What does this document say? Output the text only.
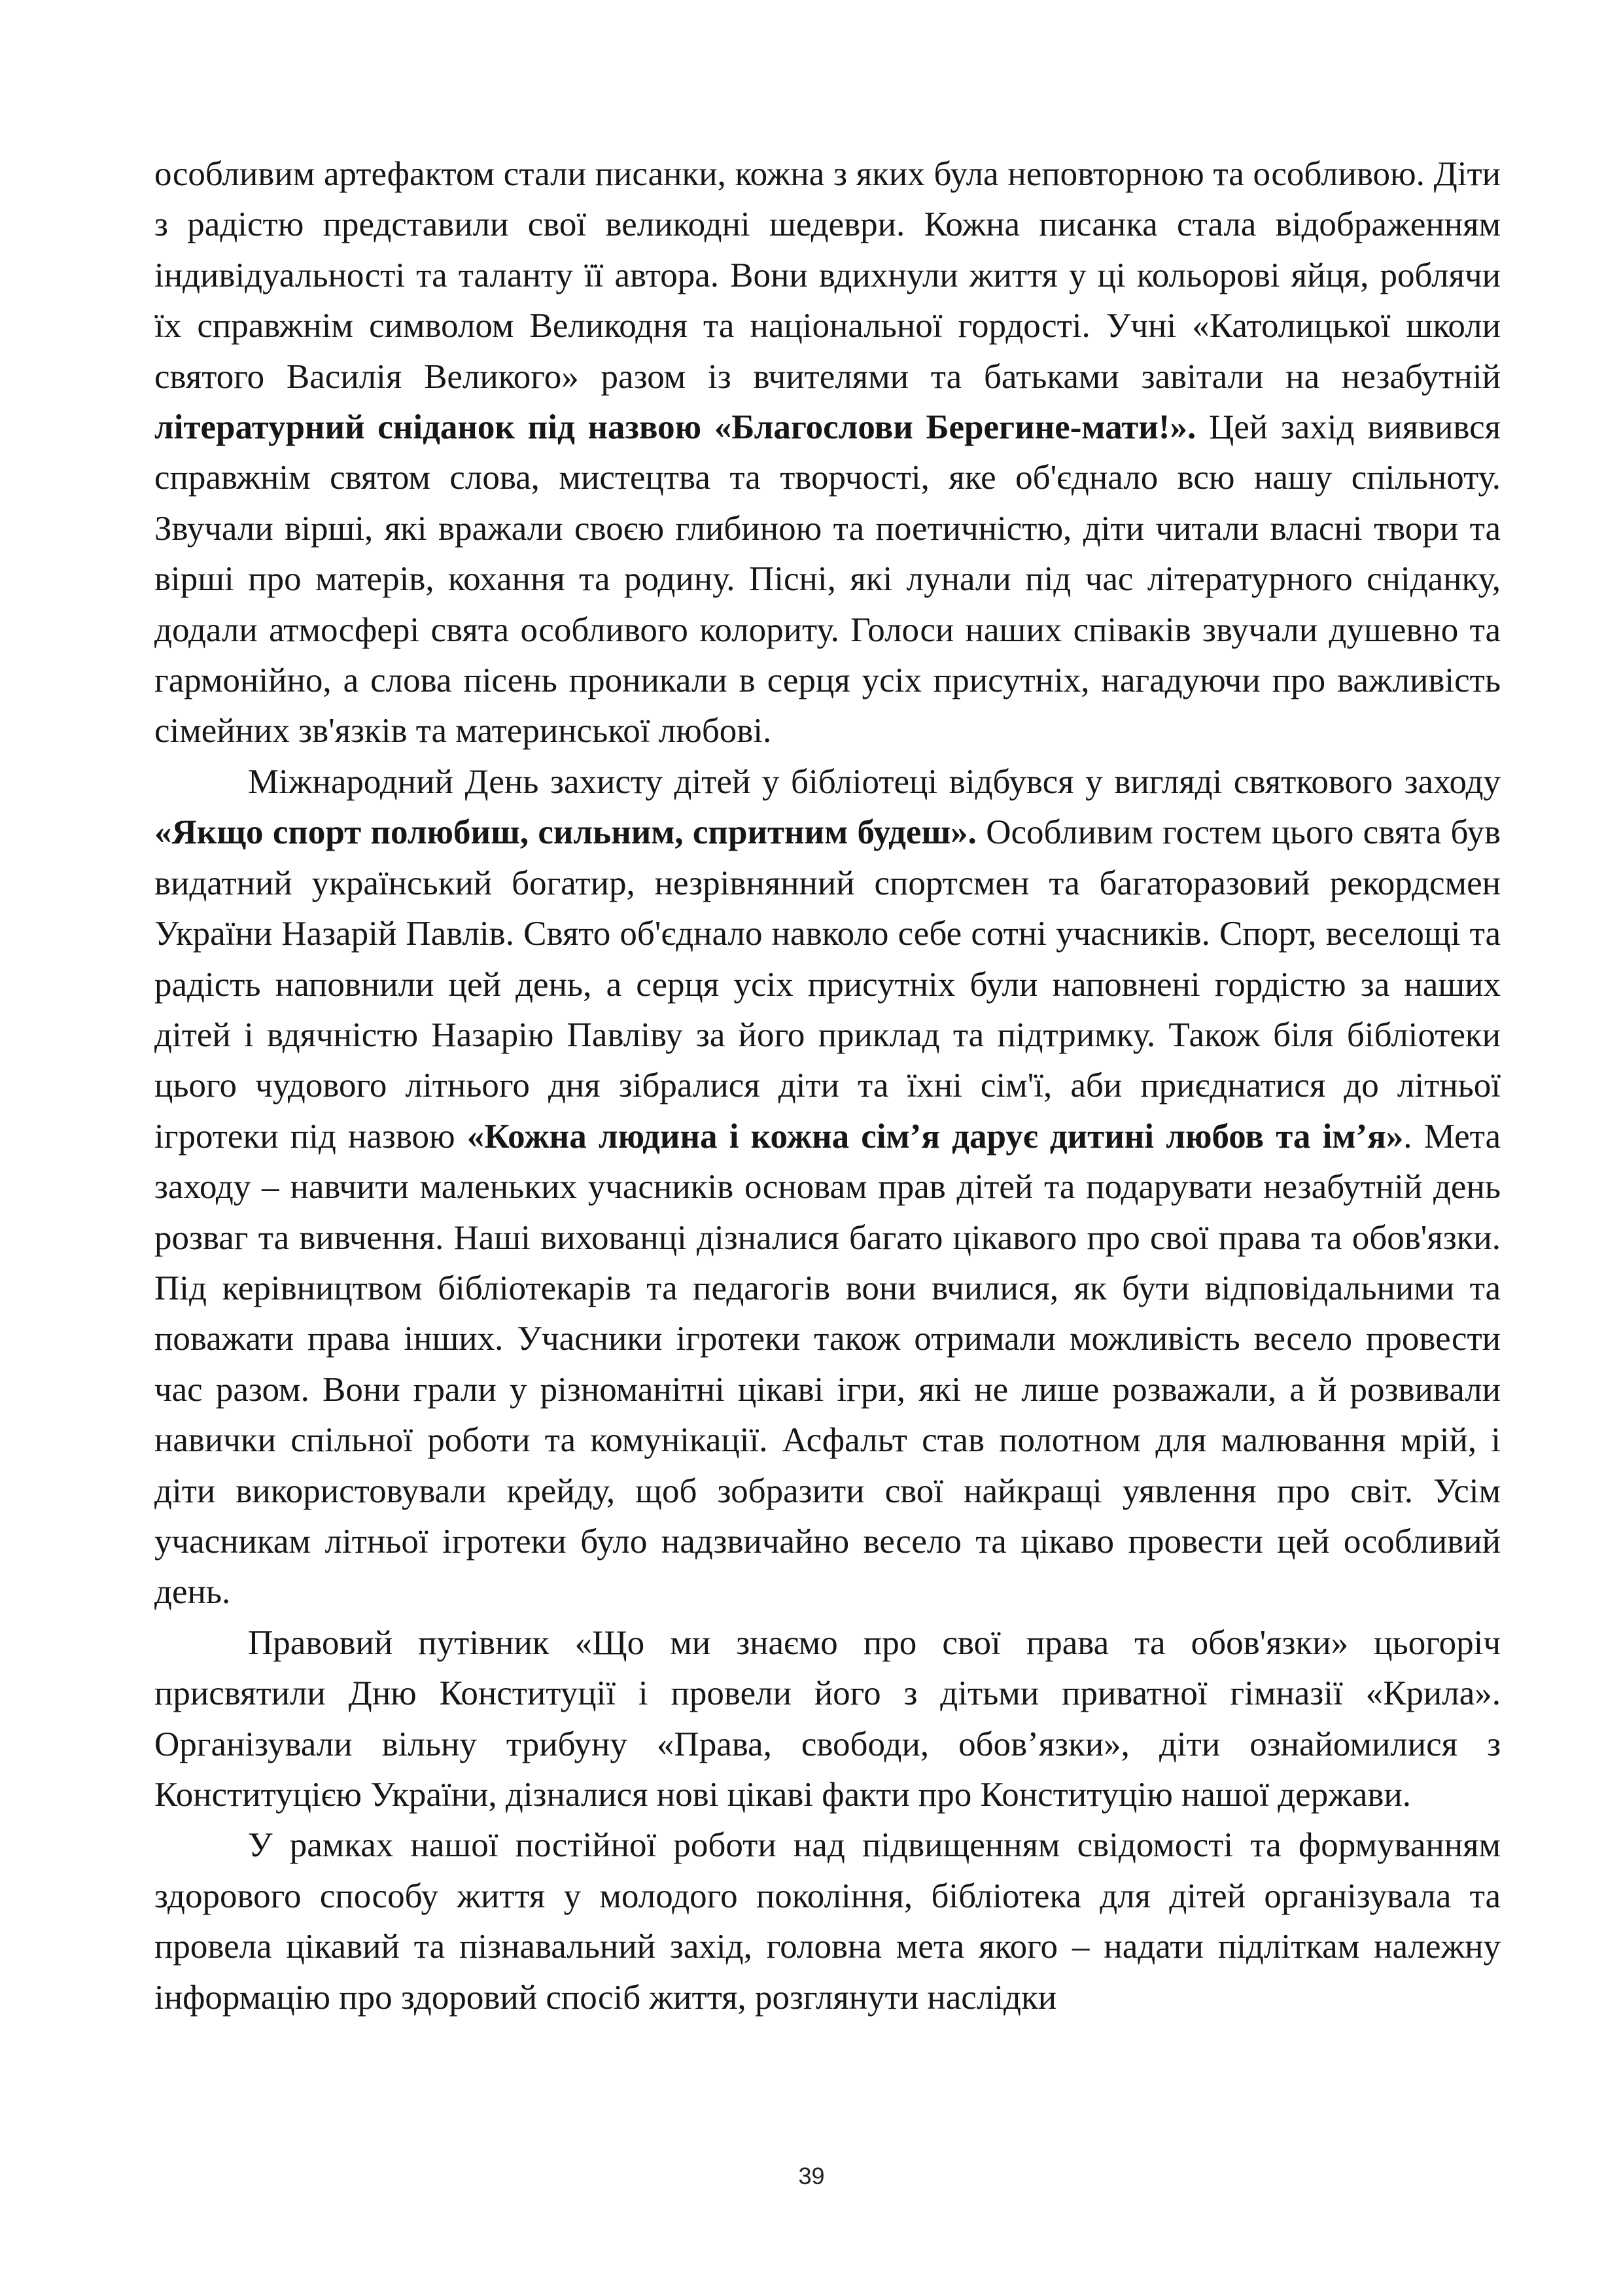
особливим артефактом стали писанки, кожна з яких була неповторною та особливою. Діти з радістю представили свої великодні шедеври. Кожна писанка стала відображенням індивідуальності та таланту її автора. Вони вдихнули життя у ці кольорові яйця, роблячи їх справжнім символом Великодня та національної гордості. Учні «Католицької школи святого Василія Великого» разом із вчителями та батьками завітали на незабутній літературний сніданок під назвою «Благослови Берегине-мати!». Цей захід виявився справжнім святом слова, мистецтва та творчості, яке об'єднало всю нашу спільноту. Звучали вірші, які вражали своєю глибиною та поетичністю, діти читали власні твори та вірші про матерів, кохання та родину. Пісні, які лунали під час літературного сніданку, додали атмосфері свята особливого колориту. Голоси наших співаків звучали душевно та гармонійно, а слова пісень проникали в серця усіх присутніх, нагадуючи про важливість сімейних зв'язків та материнської любові.

Міжнародний День захисту дітей у бібліотеці відбувся у вигляді святкового заходу «Якщо спорт полюбиш, сильним, спритним будеш». Особливим гостем цього свята був видатний український богатир, незрівнянний спортсмен та багаторазовий рекордсмен України Назарій Павлів. Свято об'єднало навколо себе сотні учасників. Спорт, веселощі та радість наповнили цей день, а серця усіх присутніх були наповнені гордістю за наших дітей і вдячністю Назарію Павліву за його приклад та підтримку. Також біля бібліотеки цього чудового літнього дня зібралися діти та їхні сім'ї, аби приєднатися до літньої ігротеки під назвою «Кожна людина і кожна сім’я дарує дитині любов та ім’я». Мета заходу – навчити маленьких учасників основам прав дітей та подарувати незабутній день розваг та вивчення. Наші вихованці дізналися багато цікавого про свої права та обов'язки. Під керівництвом бібліотекарів та педагогів вони вчилися, як бути відповідальними та поважати права інших. Учасники ігротеки також отримали можливість весело провести час разом. Вони грали у різноманітні цікаві ігри, які не лише розважали, а й розвивали навички спільної роботи та комунікації. Асфальт став полотном для малювання мрій, і діти використовували крейду, щоб зобразити свої найкращі уявлення про світ. Усім учасникам літньої ігротеки було надзвичайно весело та цікаво провести цей особливий день.

Правовий путівник «Що ми знаємо про свої права та обов'язки» цьогоріч присвятили Дню Конституції і провели його з дітьми приватної гімназії «Крила». Організували вільну трибуну «Права, свободи, обов’язки», діти ознайомилися з Конституцією України, дізналися нові цікаві факти про Конституцію нашої держави.

У рамках нашої постійної роботи над підвищенням свідомості та формуванням здорового способу життя у молодого покоління, бібліотека для дітей організувала та провела цікавий та пізнавальний захід, головна мета якого – надати підліткам належну інформацію про здоровий спосіб життя, розглянути наслідки

39
